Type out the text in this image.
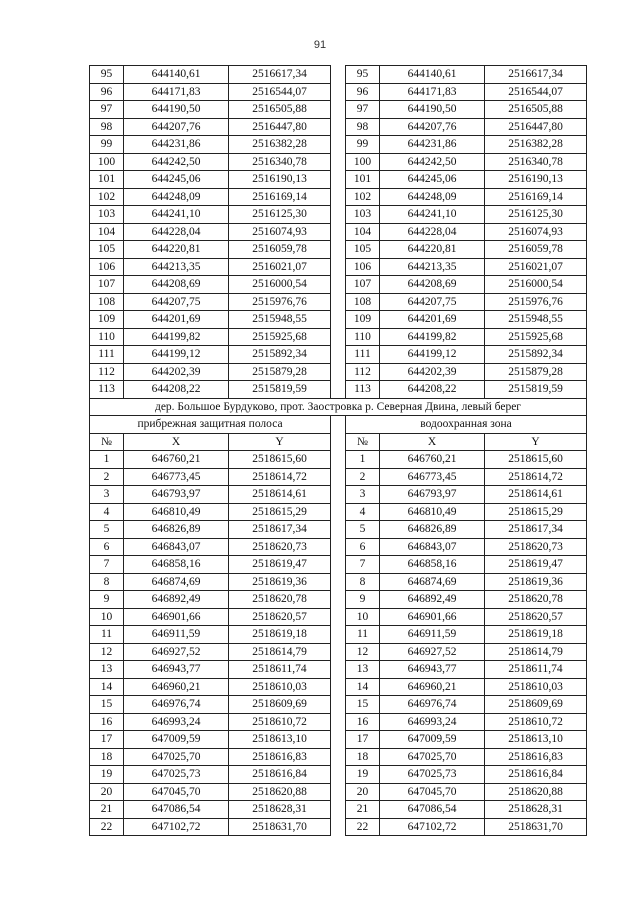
91
95	644140,61	2516617,34		95	644140,61	2516617,34
96	644171,83	2516544,07		96	644171,83	2516544,07
97	644190,50	2516505,88		97	644190,50	2516505,88
98	644207,76	2516447,80		98	644207,76	2516447,80
99	644231,86	2516382,28		99	644231,86	2516382,28
100	644242,50	2516340,78		100	644242,50	2516340,78
101	644245,06	2516190,13		101	644245,06	2516190,13
102	644248,09	2516169,14		102	644248,09	2516169,14
103	644241,10	2516125,30		103	644241,10	2516125,30
104	644228,04	2516074,93		104	644228,04	2516074,93
105	644220,81	2516059,78		105	644220,81	2516059,78
106	644213,35	2516021,07		106	644213,35	2516021,07
107	644208,69	2516000,54		107	644208,69	2516000,54
108	644207,75	2515976,76		108	644207,75	2515976,76
109	644201,69	2515948,55		109	644201,69	2515948,55
110	644199,82	2515925,68		110	644199,82	2515925,68
111	644199,12	2515892,34		111	644199,12	2515892,34
112	644202,39	2515879,28		112	644202,39	2515879,28
113	644208,22	2515819,59		113	644208,22	2515819,59
дер. Большое Бурдуково, прот. Заостровка р. Северная Двина, левый берег						
прибрежная защитная полоса				водоохранная зона		
№	X	Y		№	X	Y
1	646760,21	2518615,60		1	646760,21	2518615,60
2	646773,45	2518614,72		2	646773,45	2518614,72
3	646793,97	2518614,61		3	646793,97	2518614,61
4	646810,49	2518615,29		4	646810,49	2518615,29
5	646826,89	2518617,34		5	646826,89	2518617,34
6	646843,07	2518620,73		6	646843,07	2518620,73
7	646858,16	2518619,47		7	646858,16	2518619,47
8	646874,69	2518619,36		8	646874,69	2518619,36
9	646892,49	2518620,78		9	646892,49	2518620,78
10	646901,66	2518620,57		10	646901,66	2518620,57
11	646911,59	2518619,18		11	646911,59	2518619,18
12	646927,52	2518614,79		12	646927,52	2518614,79
13	646943,77	2518611,74		13	646943,77	2518611,74
14	646960,21	2518610,03		14	646960,21	2518610,03
15	646976,74	2518609,69		15	646976,74	2518609,69
16	646993,24	2518610,72		16	646993,24	2518610,72
17	647009,59	2518613,10		17	647009,59	2518613,10
18	647025,70	2518616,83		18	647025,70	2518616,83
19	647025,73	2518616,84		19	647025,73	2518616,84
20	647045,70	2518620,88		20	647045,70	2518620,88
21	647086,54	2518628,31		21	647086,54	2518628,31
22	647102,72	2518631,70		22	647102,72	2518631,70
